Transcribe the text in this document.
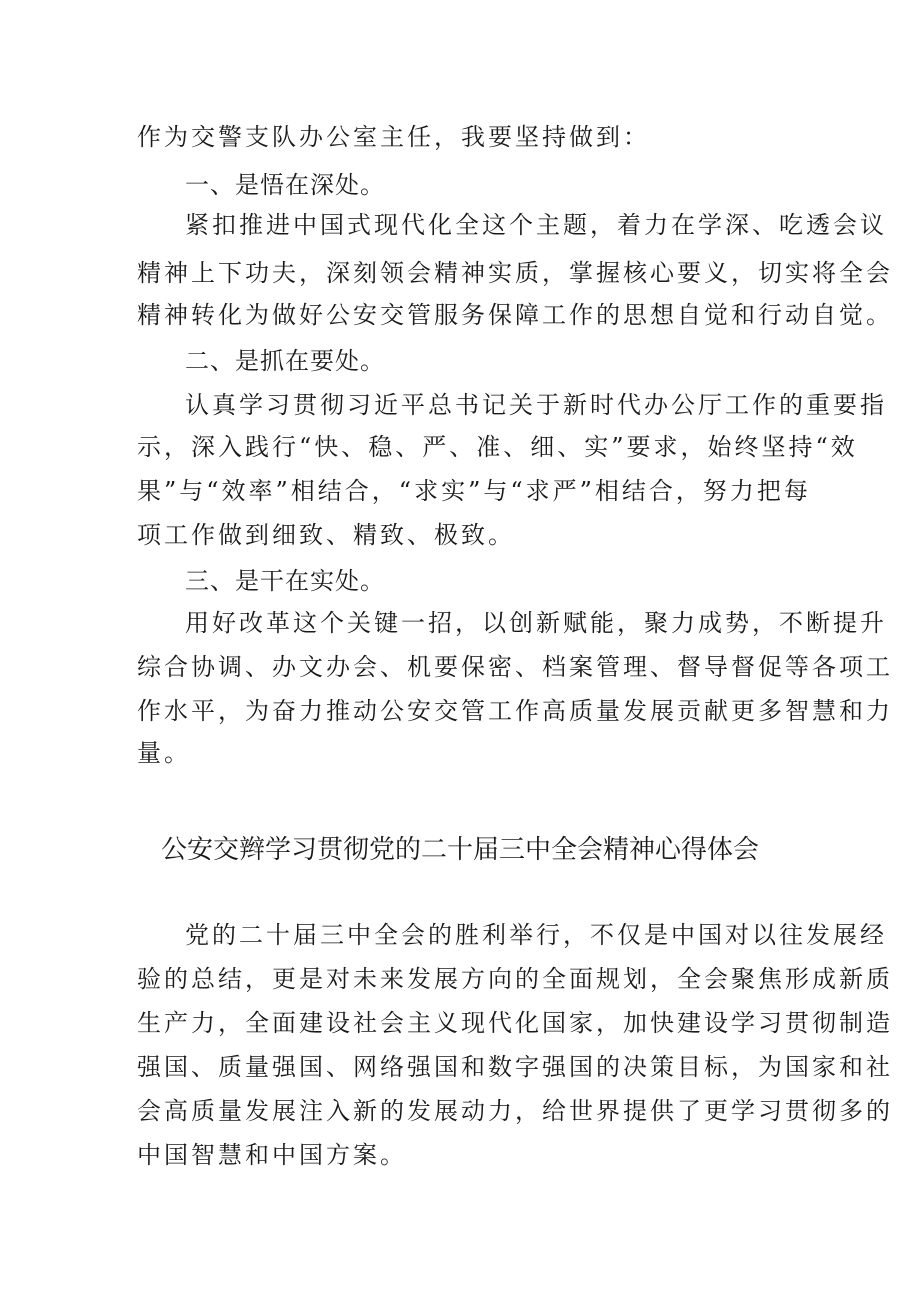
作为交警支队办公室主任，我要坚持做到：
一、是悟在深处。
紧扣推进中国式现代化全这个主题，着力在学深、吃透会议
精神上下功夫，深刻领会精神实质，掌握核心要义，切实将全会
精神转化为做好公安交管服务保障工作的思想自觉和行动自觉。
二、是抓在要处。
认真学习贯彻习近平总书记关于新时代办公厅工作的重要指
示，深入践行“快、稳、严、准、细、实”要求，始终坚持“效
果”与“效率”相结合，“求实”与“求严”相结合，努力把每
项工作做到细致、精致、极致。
三、是干在实处。
用好改革这个关键一招，以创新赋能，聚力成势，不断提升
综合协调、办文办会、机要保密、档案管理、督导督促等各项工
作水平，为奋力推动公安交管工作高质量发展贡献更多智慧和力
量。
公安交辫学习贯彻党的二十届三中全会精神心得体会
党的二十届三中全会的胜利举行，不仅是中国对以往发展经
验的总结，更是对未来发展方向的全面规划，全会聚焦形成新质
生产力，全面建设社会主义现代化国家，加快建设学习贯彻制造
强国、质量强国、网络强国和数字强国的决策目标，为国家和社
会高质量发展注入新的发展动力，给世界提供了更学习贯彻多的
中国智慧和中国方案。
